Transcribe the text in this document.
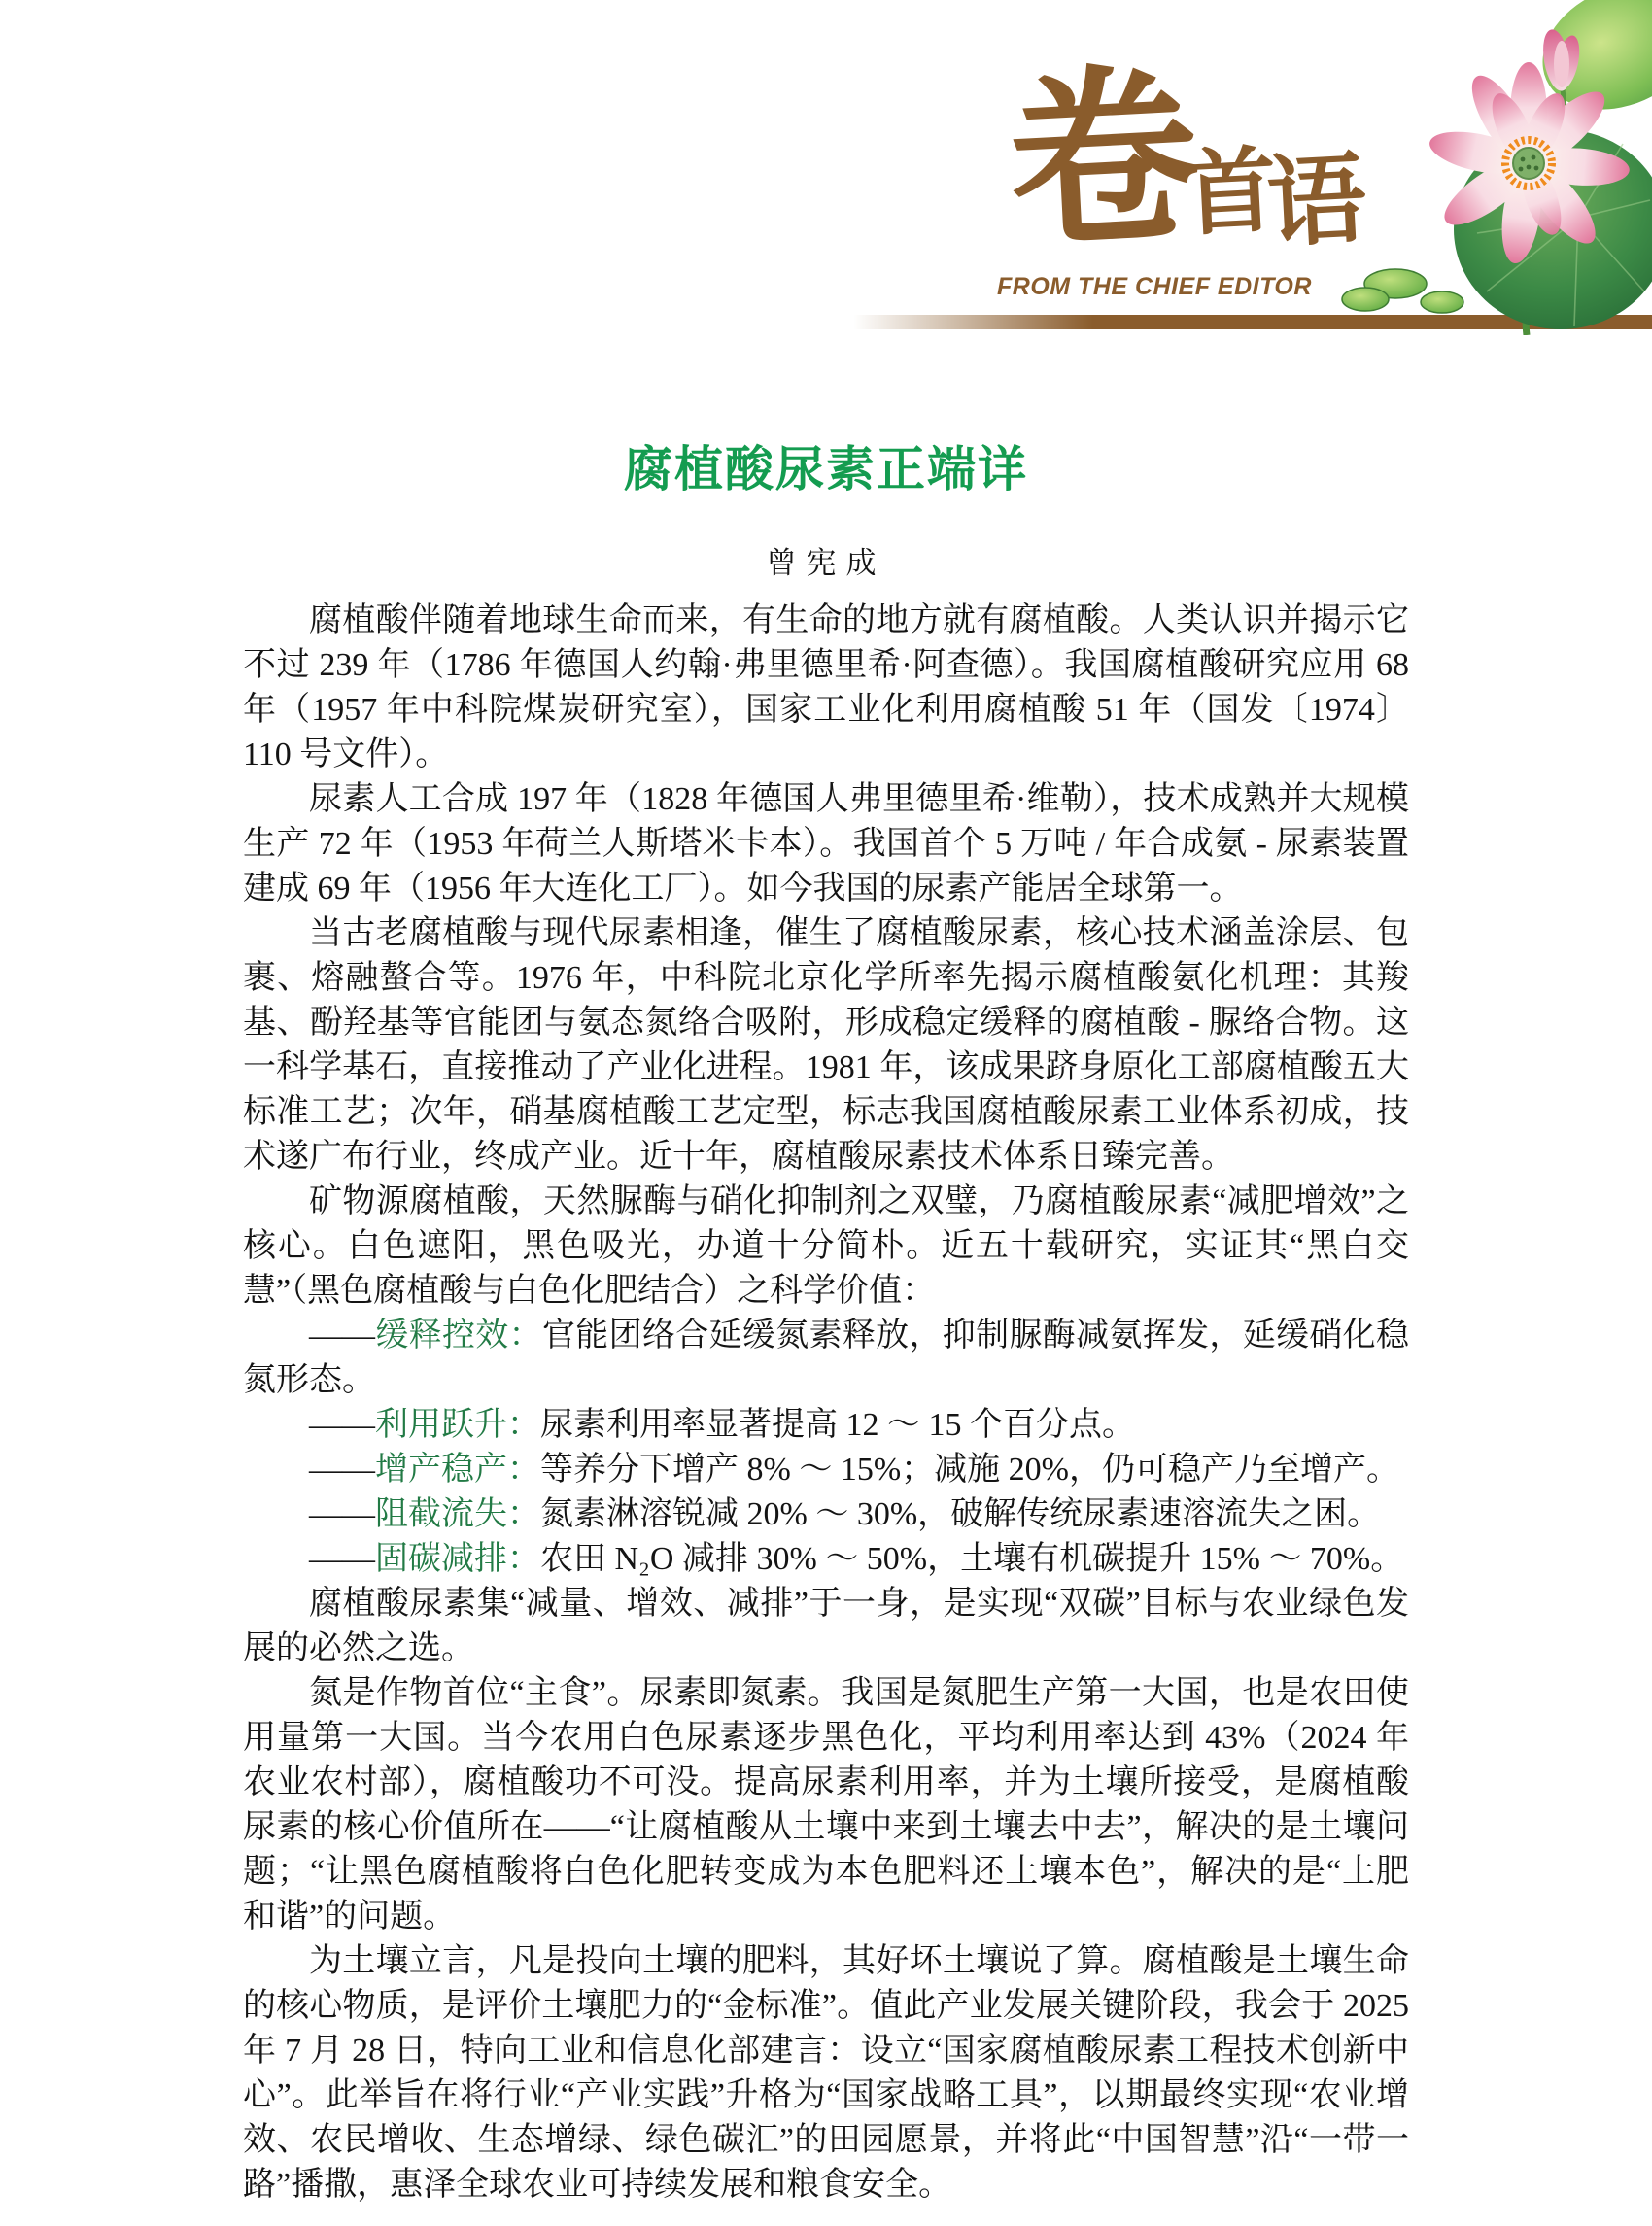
卷
首
语
FROM THE CHIEF EDITOR
腐植酸尿素正端详
曾宪成

腐植酸伴随着地球生命而来，有生命的地方就有腐植酸。人类认识并揭示它不过 239 年（1786 年德国人约翰·弗里德里希·阿查德）。我国腐植酸研究应用 68 年（1957 年中科院煤炭研究室），国家工业化利用腐植酸 51 年（国发〔1974〕110 号文件）。

尿素人工合成 197 年（1828 年德国人弗里德里希·维勒），技术成熟并大规模生产 72 年（1953 年荷兰人斯塔米卡本）。我国首个 5 万吨 / 年合成氨 - 尿素装置建成 69 年（1956 年大连化工厂）。如今我国的尿素产能居全球第一。

当古老腐植酸与现代尿素相逢，催生了腐植酸尿素，核心技术涵盖涂层、包裹、熔融螯合等。1976 年，中科院北京化学所率先揭示腐植酸氨化机理：其羧基、酚羟基等官能团与氨态氮络合吸附，形成稳定缓释的腐植酸 - 脲络合物。这一科学基石，直接推动了产业化进程。1981 年，该成果跻身原化工部腐植酸五大标准工艺；次年，硝基腐植酸工艺定型，标志我国腐植酸尿素工业体系初成，技术遂广布行业，终成产业。近十年，腐植酸尿素技术体系日臻完善。

矿物源腐植酸，天然脲酶与硝化抑制剂之双璧，乃腐植酸尿素“减肥增效”之核心。白色遮阳，黑色吸光，办道十分简朴。近五十载研究，实证其“黑白交慧”（黑色腐植酸与白色化肥结合）之科学价值：

——缓释控效：官能团络合延缓氮素释放，抑制脲酶减氨挥发，延缓硝化稳氮形态。

——利用跃升：尿素利用率显著提高 12 ～ 15 个百分点。

——增产稳产：等养分下增产 8% ～ 15%；减施 20%，仍可稳产乃至增产。

——阻截流失：氮素淋溶锐减 20% ～ 30%，破解传统尿素速溶流失之困。

——固碳减排：农田 N₂O 减排 30% ～ 50%，土壤有机碳提升 15% ～ 70%。

腐植酸尿素集“减量、增效、减排”于一身，是实现“双碳”目标与农业绿色发展的必然之选。

氮是作物首位“主食”。尿素即氮素。我国是氮肥生产第一大国，也是农田使用量第一大国。当今农用白色尿素逐步黑色化，平均利用率达到 43%（2024 年农业农村部），腐植酸功不可没。提高尿素利用率，并为土壤所接受，是腐植酸尿素的核心价值所在——“让腐植酸从土壤中来到土壤去中去”，解决的是土壤问题；“让黑色腐植酸将白色化肥转变成为本色肥料还土壤本色”，解决的是“土肥和谐”的问题。

为土壤立言，凡是投向土壤的肥料，其好坏土壤说了算。腐植酸是土壤生命的核心物质，是评价土壤肥力的“金标准”。值此产业发展关键阶段，我会于 2025 年 7 月 28 日，特向工业和信息化部建言：设立“国家腐植酸尿素工程技术创新中心”。此举旨在将行业“产业实践”升格为“国家战略工具”，以期最终实现“农业增效、农民增收、生态增绿、绿色碳汇”的田园愿景，并将此“中国智慧”沿“一带一路”播撒，惠泽全球农业可持续发展和粮食安全。
